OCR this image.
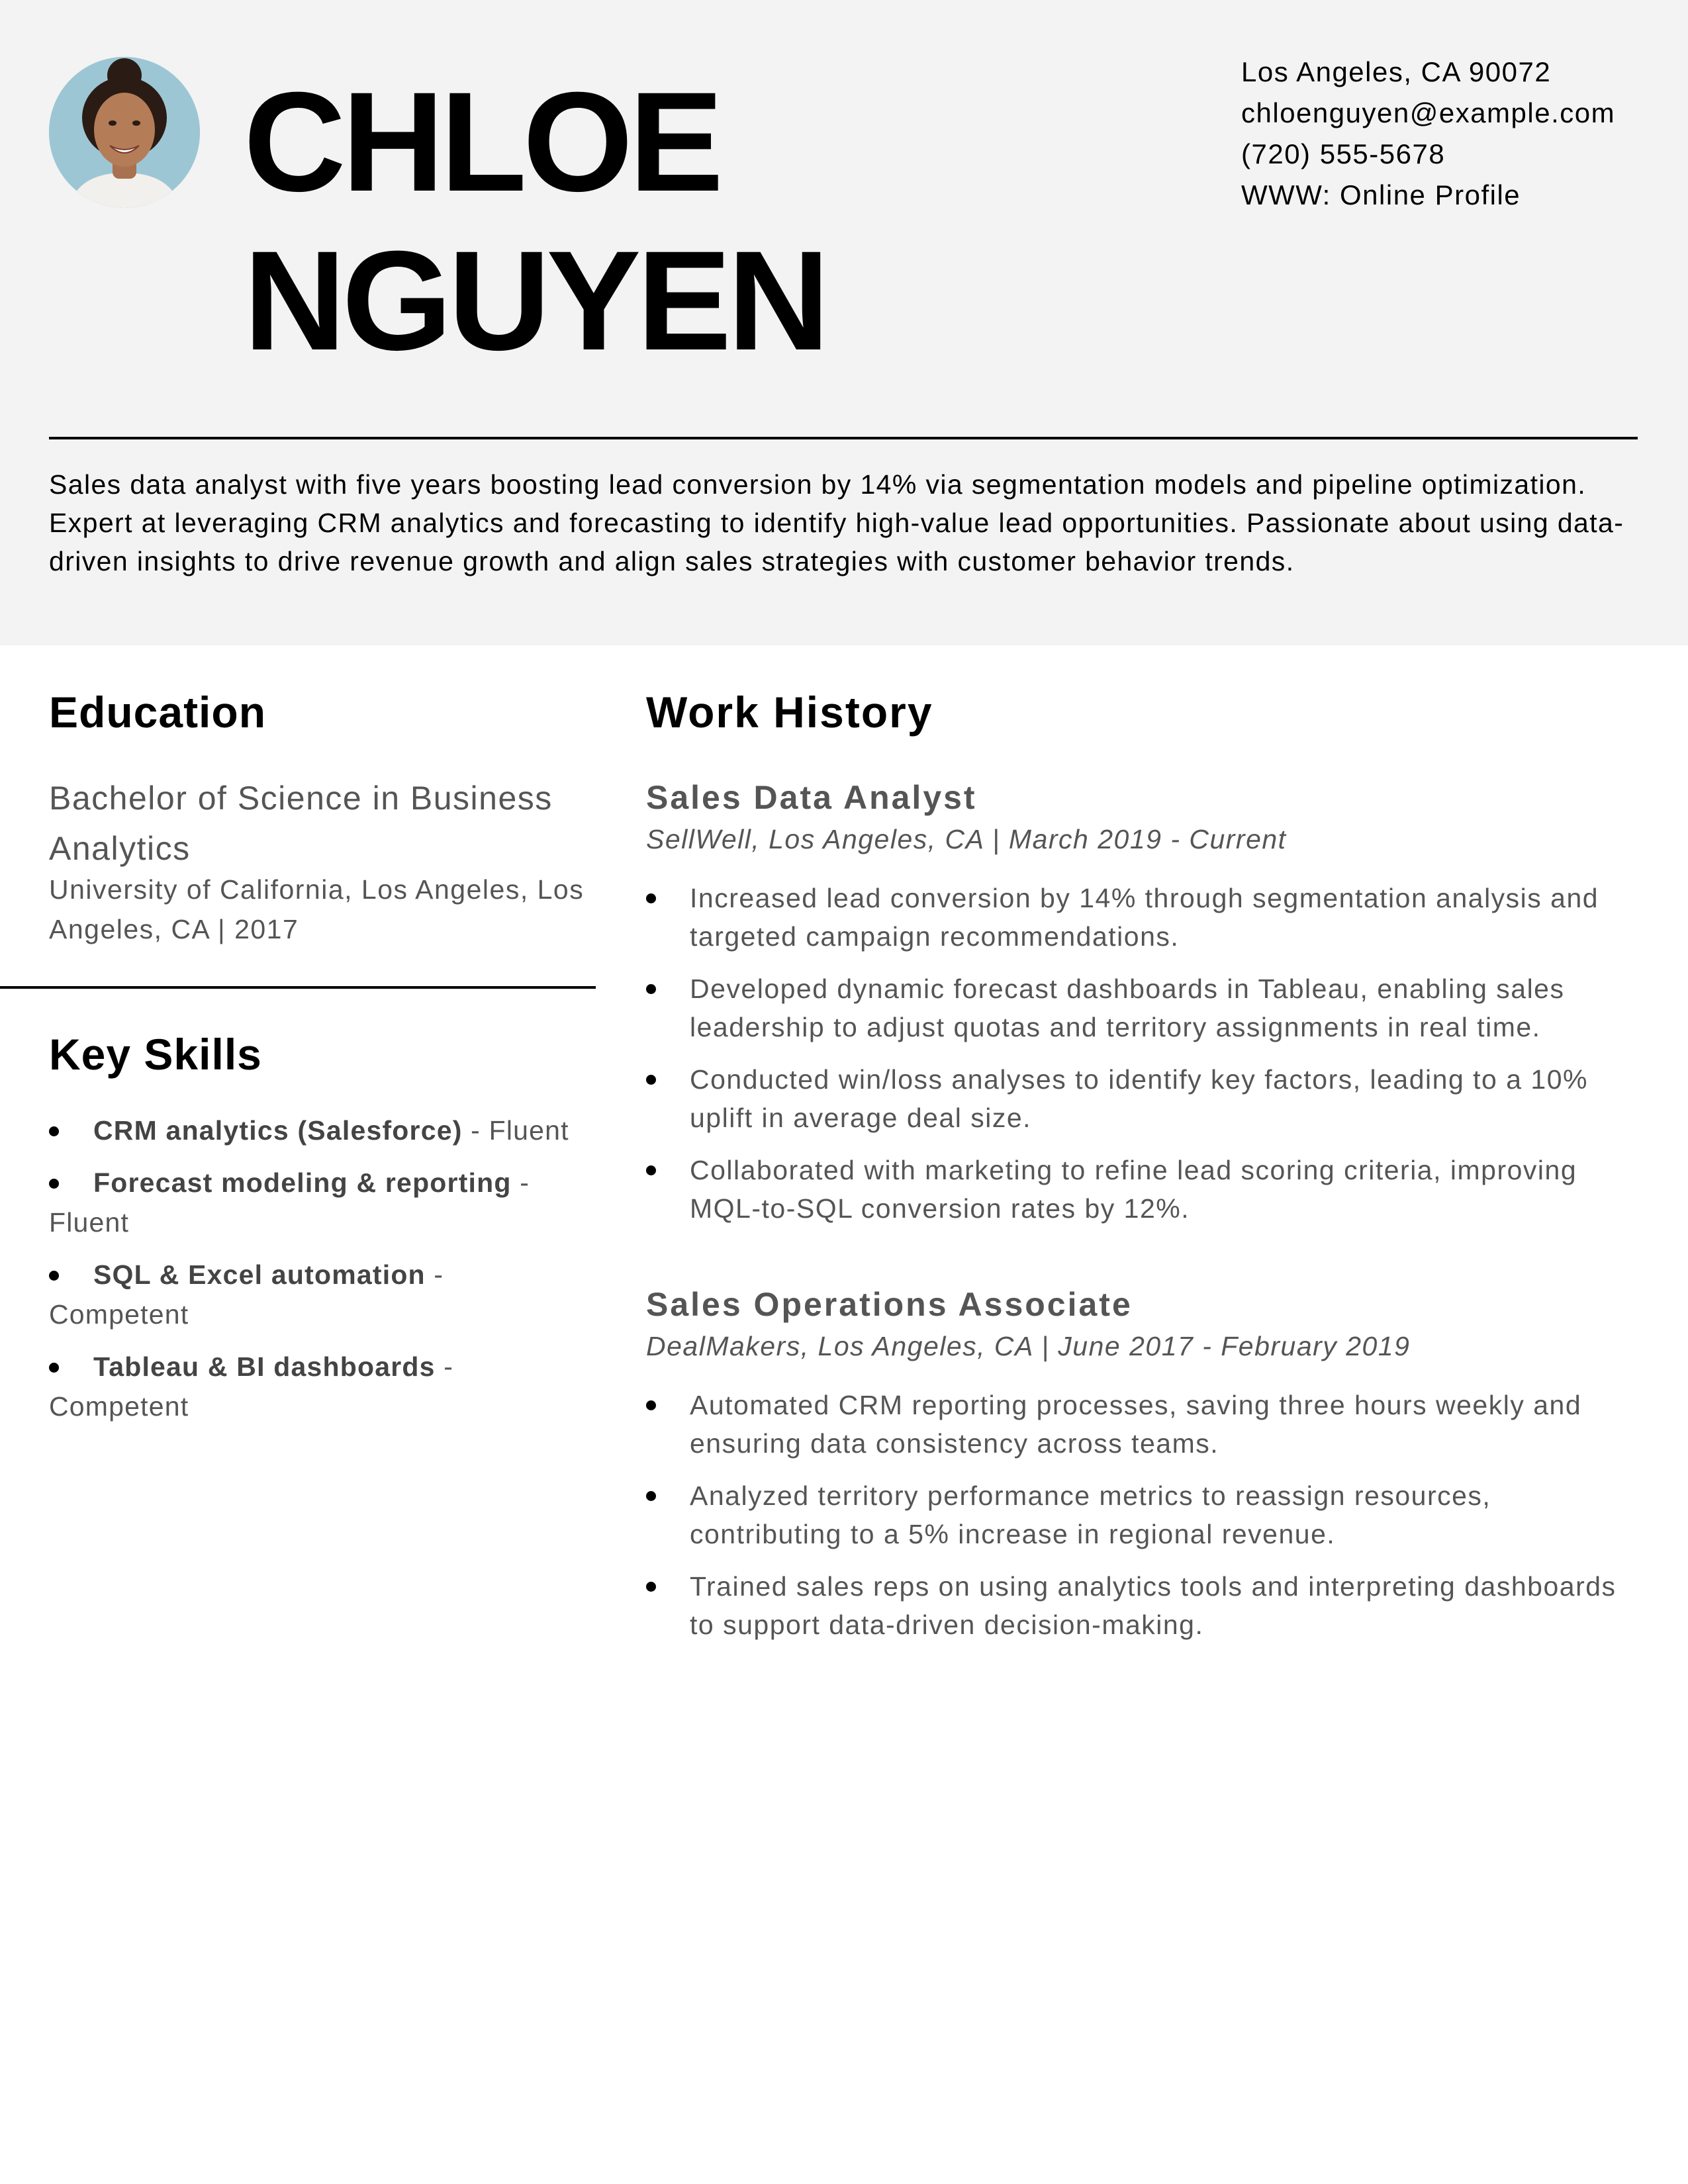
CHLOE
NGUYEN
Los Angeles, CA 90072
chloenguyen@example.com
(720) 555-5678
WWW: Online Profile

Sales data analyst with five years boosting lead conversion by 14% via segmentation models and pipeline optimization. Expert at leveraging CRM analytics and forecasting to identify high-value lead opportunities. Passionate about using data-driven insights to drive revenue growth and align sales strategies with customer behavior trends.

Education

Bachelor of Science in Business Analytics

University of California, Los Angeles, Los Angeles, CA | 2017

Key Skills
CRM analytics (Salesforce) - Fluent
Forecast modeling & reporting - Fluent
SQL & Excel automation - Competent
Tableau & BI dashboards - Competent
Work History
Sales Data Analyst

SellWell, Los Angeles, CA | March 2019 - Current

Increased lead conversion by 14% through segmentation analysis and targeted campaign recommendations.
Developed dynamic forecast dashboards in Tableau, enabling sales leadership to adjust quotas and territory assignments in real time.
Conducted win/loss analyses to identify key factors, leading to a 10% uplift in average deal size.
Collaborated with marketing to refine lead scoring criteria, improving MQL-to-SQL conversion rates by 12%.
Sales Operations Associate

DealMakers, Los Angeles, CA | June 2017 - February 2019

Automated CRM reporting processes, saving three hours weekly and ensuring data consistency across teams.
Analyzed territory performance metrics to reassign resources, contributing to a 5% increase in regional revenue.
Trained sales reps on using analytics tools and interpreting dashboards to support data-driven decision-making.
